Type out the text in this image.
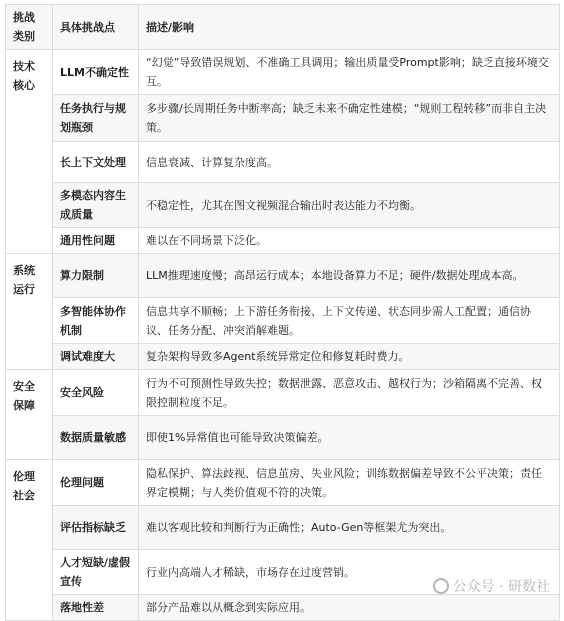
挑战类别	具体挑战点	描述/影响
技术核心	LLM不确定性	“幻觉”导致错误规划、不准确工具调用；输出质量受Prompt影响；缺乏直接环境交互。
	任务执行与规划瓶颈	多步骤/长周期任务中断率高；缺乏未来不确定性建模；“规则工程转移”而非自主决策。
	长上下文处理	信息衰减、计算复杂度高。
	多模态内容生成质量	不稳定性，尤其在图文视频混合输出时表达能力不均衡。
	通用性问题	难以在不同场景下泛化。
系统运行	算力限制	LLM推理速度慢；高昂运行成本；本地设备算力不足；硬件/数据处理成本高。
	多智能体协作机制	信息共享不顺畅；上下游任务衔接、上下文传递、状态同步需人工配置；通信协议、任务分配、冲突消解难题。
	调试难度大	复杂架构导致多Agent系统异常定位和修复耗时费力。
安全保障	安全风险	行为不可预测性导致失控；数据泄露、恶意攻击、越权行为；沙箱隔离不完善、权限控制粒度不足。
	数据质量敏感	即使1%异常值也可能导致决策偏差。
伦理社会	伦理问题	隐私保护、算法歧视、信息茧房、失业风险；训练数据偏差导致不公平决策；责任界定模糊；与人类价值观不符的决策。
	评估指标缺乏	难以客观比较和判断行为正确性；Auto-Gen等框架尤为突出。
	人才短缺/虚假宣传	行业内高端人才稀缺，市场存在过度营销。
	落地性差	部分产品难以从概念到实际应用。
公众号 · 研数社
